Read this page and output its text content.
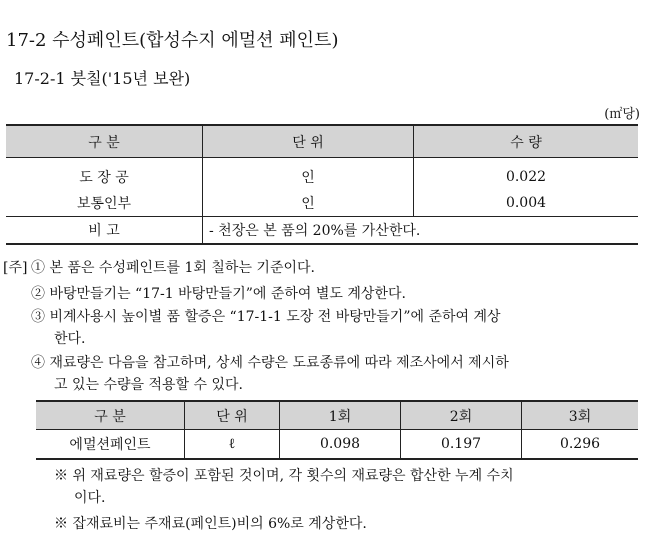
17-2 수성페인트(합성수지 에멀션 페인트)
17-2-1 붓칠('15년 보완)
(㎡당)
구 분	단 위	수 량
도 장 공	인	0.022
보통인부	인	0.004
비 고	- 천장은 본 품의 20%를 가산한다.	
[주] ① 본 품은 수성페인트를 1회 칠하는 기준이다.
② 바탕만들기는 “17-1 바탕만들기”에 준하여 별도 계상한다.
③ 비계사용시 높이별 품 할증은 “17-1-1 도장 전 바탕만들기”에 준하여 계상
한다.
④ 재료량은 다음을 참고하며, 상세 수량은 도료종류에 따라 제조사에서 제시하
고 있는 수량을 적용할 수 있다.
구 분	단 위	1회	2회	3회
에멀션페인트	ℓ	0.098	0.197	0.296
※ 위 재료량은 할증이 포함된 것이며, 각 횟수의 재료량은 합산한 누계 수치
이다.
※ 잡재료비는 주재료(페인트)비의 6%로 계상한다.
